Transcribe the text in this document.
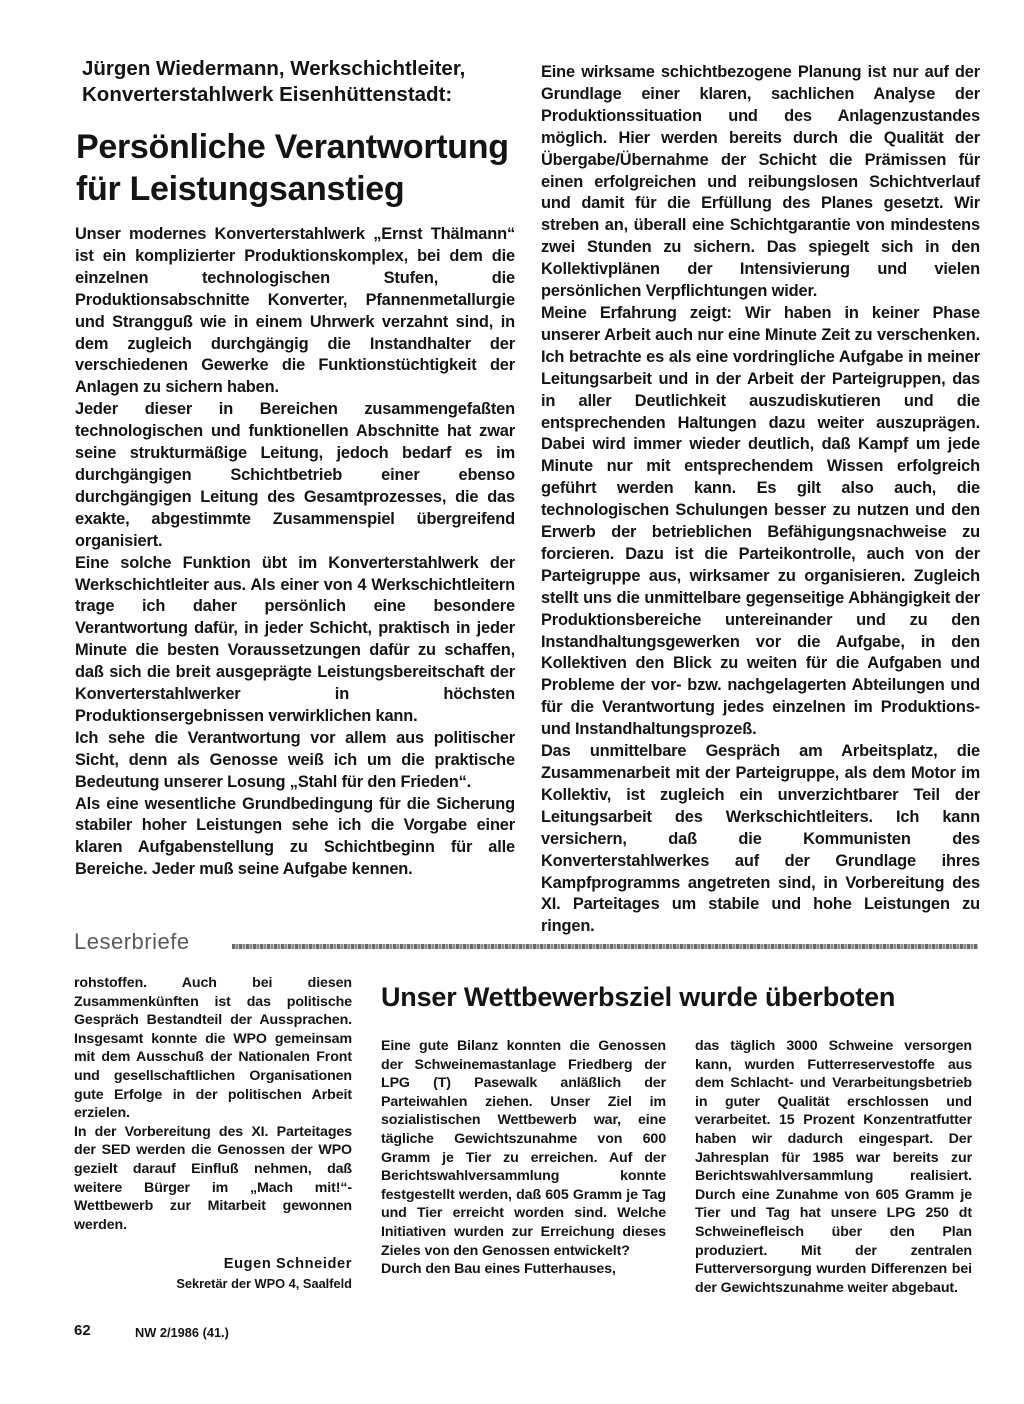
Jürgen Wiedermann, Werkschichtleiter,
Konverterstahlwerk Eisenhüttenstadt:
Persönliche Verantwortung
für Leistungsanstieg

Unser modernes Konverterstahlwerk „Ernst Thälmann“ ist ein komplizierter Produktionskomplex, bei dem die einzelnen technologischen Stufen, die Produktionsabschnitte Konverter, Pfannenmetallurgie und Strangguß wie in einem Uhrwerk verzahnt sind, in dem zugleich durchgängig die Instandhalter der verschiedenen Gewerke die Funktionstüchtigkeit der Anlagen zu sichern haben.

Jeder dieser in Bereichen zusammengefaßten technologischen und funktionellen Abschnitte hat zwar seine strukturmäßige Leitung, jedoch bedarf es im durchgängigen Schichtbetrieb einer ebenso durchgängigen Leitung des Gesamtprozesses, die das exakte, abgestimmte Zusammenspiel übergreifend organisiert.

Eine solche Funktion übt im Konverterstahlwerk der Werkschichtleiter aus. Als einer von 4 Werkschichtleitern trage ich daher persönlich eine besondere Verantwortung dafür, in jeder Schicht, praktisch in jeder Minute die besten Voraussetzungen dafür zu schaffen, daß sich die breit ausgeprägte Leistungsbereitschaft der Konverterstahlwerker in höchsten Produktionsergebnissen verwirklichen kann.

Ich sehe die Verantwortung vor allem aus politischer Sicht, denn als Genosse weiß ich um die praktische Bedeutung unserer Losung „Stahl für den Frieden“.

Als eine wesentliche Grundbedingung für die Sicherung stabiler hoher Leistungen sehe ich die Vorgabe einer klaren Aufgabenstellung zu Schichtbeginn für alle Bereiche. Jeder muß seine Aufgabe kennen.

Eine wirksame schichtbezogene Planung ist nur auf der Grundlage einer klaren, sachlichen Analyse der Produktionssituation und des Anlagenzustandes möglich. Hier werden bereits durch die Qualität der Übergabe/Übernahme der Schicht die Prämissen für einen erfolgreichen und reibungslosen Schichtverlauf und damit für die Erfüllung des Planes gesetzt. Wir streben an, überall eine Schichtgarantie von mindestens zwei Stunden zu sichern. Das spiegelt sich in den Kollektivplänen der Intensivierung und vielen persönlichen Verpflichtungen wider.

Meine Erfahrung zeigt: Wir haben in keiner Phase unserer Arbeit auch nur eine Minute Zeit zu verschenken. Ich betrachte es als eine vordringliche Aufgabe in meiner Leitungsarbeit und in der Arbeit der Parteigruppen, das in aller Deutlichkeit auszudiskutieren und die entsprechenden Haltungen dazu weiter auszuprägen. Dabei wird immer wieder deutlich, daß Kampf um jede Minute nur mit entsprechendem Wissen erfolgreich geführt werden kann. Es gilt also auch, die technologischen Schulungen besser zu nutzen und den Erwerb der betrieblichen Befähigungsnachweise zu forcieren. Dazu ist die Parteikontrolle, auch von der Parteigruppe aus, wirksamer zu organisieren. Zugleich stellt uns die unmittelbare gegenseitige Abhängigkeit der Produktionsbereiche untereinander und zu den Instandhaltungsgewerken vor die Aufgabe, in den Kollektiven den Blick zu weiten für die Aufgaben und Probleme der vor- bzw. nachgelagerten Abteilungen und für die Verantwortung jedes einzelnen im Produktions- und Instandhaltungsprozeß.

Das unmittelbare Gespräch am Arbeitsplatz, die Zusammenarbeit mit der Parteigruppe, als dem Motor im Kollektiv, ist zugleich ein unverzichtbarer Teil der Leitungsarbeit des Werkschichtleiters. Ich kann versichern, daß die Kommunisten des Konverterstahlwerkes auf der Grundlage ihres Kampfprogramms angetreten sind, in Vorbereitung des XI. Parteitages um stabile und hohe Leistungen zu ringen.

Leserbriefe

rohstoffen. Auch bei diesen Zusammenkünften ist das politische Gespräch Bestandteil der Aussprachen. Insgesamt konnte die WPO gemeinsam mit dem Ausschuß der Nationalen Front und gesellschaftlichen Organisationen gute Erfolge in der politischen Arbeit erzielen.

In der Vorbereitung des XI. Parteitages der SED werden die Genossen der WPO gezielt darauf Einfluß nehmen, daß weitere Bürger im „Mach mit!“-Wettbewerb zur Mitarbeit gewonnen werden.

Eugen Schneider
Sekretär der WPO 4, Saalfeld
Unser Wettbewerbsziel wurde überboten

Eine gute Bilanz konnten die Genossen der Schweinemastanlage Friedberg der LPG (T) Pasewalk anläßlich der Parteiwahlen ziehen. Unser Ziel im sozialistischen Wettbewerb war, eine tägliche Gewichtszunahme von 600 Gramm je Tier zu erreichen. Auf der Berichtswahlversammlung konnte festgestellt werden, daß 605 Gramm je Tag und Tier erreicht worden sind. Welche Initiativen wurden zur Erreichung dieses Zieles von den Genossen entwickelt?

Durch den Bau eines Futterhauses,

das täglich 3000 Schweine versorgen kann, wurden Futterreservestoffe aus dem Schlacht- und Verarbeitungsbetrieb in guter Qualität erschlossen und verarbeitet. 15 Prozent Konzentratfutter haben wir dadurch eingespart. Der Jahresplan für 1985 war bereits zur Berichtswahlversammlung realisiert. Durch eine Zunahme von 605 Gramm je Tier und Tag hat unsere LPG 250 dt Schweinefleisch über den Plan produziert. Mit der zentralen Futterversorgung wurden Differenzen bei der Gewichtszunahme weiter abgebaut.

62	NW 2/1986 (41.)
